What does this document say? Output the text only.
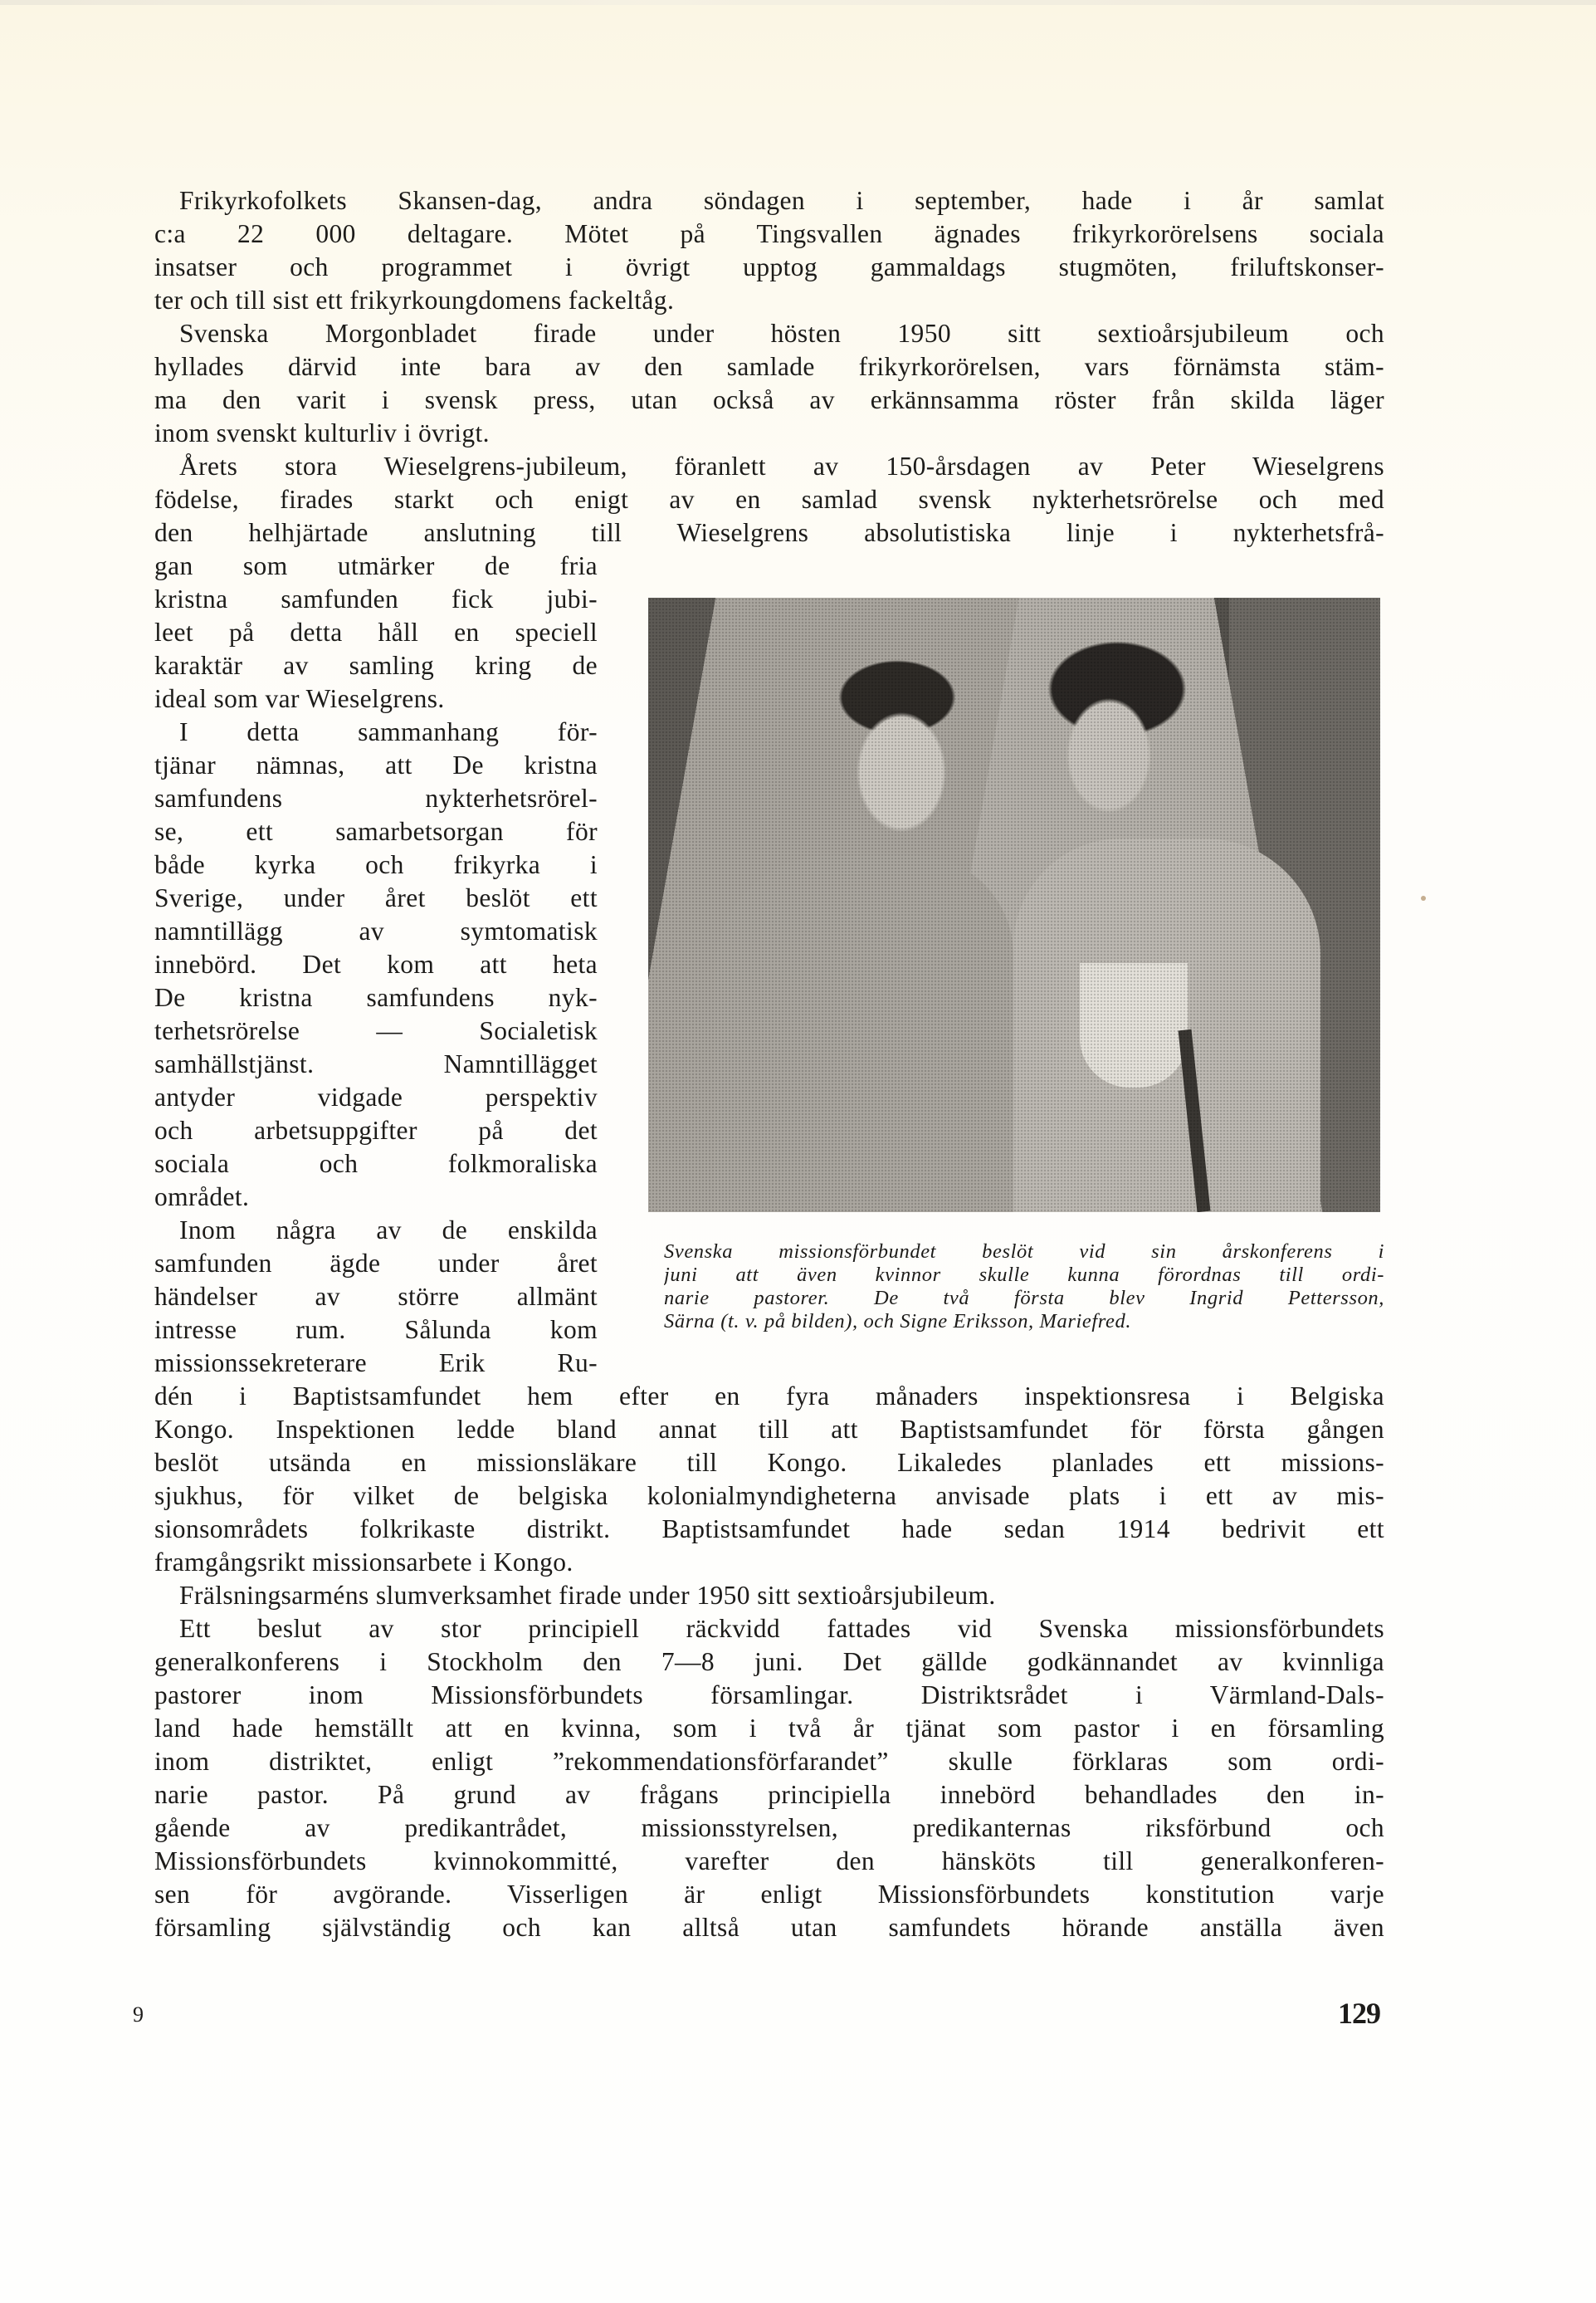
Frikyrkofolkets Skansen-dag, andra söndagen i september, hade i år samlat
c:a 22 000 deltagare. Mötet på Tingsvallen ägnades frikyrkorörelsens sociala
insatser och programmet i övrigt upptog gammaldags stugmöten, friluftskonser-
ter och till sist ett frikyrkoungdomens fackeltåg.
Svenska Morgonbladet firade under hösten 1950 sitt sextioårsjubileum och
hyllades därvid inte bara av den samlade frikyrkorörelsen, vars förnämsta stäm-
ma den varit i svensk press, utan också av erkännsamma röster från skilda läger
inom svenskt kulturliv i övrigt.
Årets stora Wieselgrens-jubileum, föranlett av 150-årsdagen av Peter Wieselgrens
födelse, firades starkt och enigt av en samlad svensk nykterhetsrörelse och med
den helhjärtade anslutning till Wieselgrens absolutistiska linje i nykterhetsfrå-
gan som utmärker de fria
kristna samfunden fick jubi-
leet på detta håll en speciell
karaktär av samling kring de
ideal som var Wieselgrens.
I detta sammanhang för-
tjänar nämnas, att De kristna
samfundens nykterhetsrörel-
se, ett samarbetsorgan för
både kyrka och frikyrka i
Sverige, under året beslöt ett
namntillägg av symtomatisk
innebörd. Det kom att heta
De kristna samfundens nyk-
terhetsrörelse — Socialetisk
samhällstjänst. Namntillägget
antyder vidgade perspektiv
och arbetsuppgifter på det
sociala och folkmoraliska
området.
Inom några av de enskilda
samfunden ägde under året
händelser av större allmänt
intresse rum. Sålunda kom
missionssekreterare Erik Ru-
dén i Baptistsamfundet hem efter en fyra månaders inspektionsresa i Belgiska
Kongo. Inspektionen ledde bland annat till att Baptistsamfundet för första gången
beslöt utsända en missionsläkare till Kongo. Likaledes planlades ett missions-
sjukhus, för vilket de belgiska kolonialmyndigheterna anvisade plats i ett av mis-
sionsområdets folkrikaste distrikt. Baptistsamfundet hade sedan 1914 bedrivit ett
framgångsrikt missionsarbete i Kongo.
Frälsningsarméns slumverksamhet firade under 1950 sitt sextioårsjubileum.
Ett beslut av stor principiell räckvidd fattades vid Svenska missionsförbundets
generalkonferens i Stockholm den 7—8 juni. Det gällde godkännandet av kvinnliga
pastorer inom Missionsförbundets församlingar. Distriktsrådet i Värmland-Dals-
land hade hemställt att en kvinna, som i två år tjänat som pastor i en församling
inom distriktet, enligt ”rekommendationsförfarandet” skulle förklaras som ordi-
narie pastor. På grund av frågans principiella innebörd behandlades den in-
gående av predikantrådet, missionsstyrelsen, predikanternas riksförbund och
Missionsförbundets kvinnokommitté, varefter den hänsköts till generalkonferen-
sen för avgörande. Visserligen är enligt Missionsförbundets konstitution varje
församling självständig och kan alltså utan samfundets hörande anställa även
Svenska missionsförbundet beslöt vid sin årskonferens i
juni att även kvinnor skulle kunna förordnas till ordi-
narie pastorer. De två första blev Ingrid Pettersson,
Särna (t. v. på bilden), och Signe Eriksson, Mariefred.
9	129
